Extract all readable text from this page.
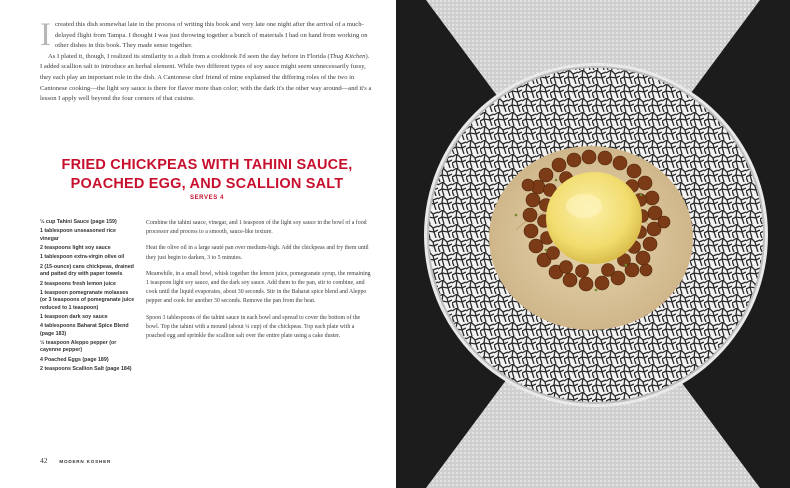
I created this dish somewhat late in the process of writing this book and very late one night after the arrival of a much-delayed flight from Tampa. I thought I was just throwing together a bunch of materials I had on hand from working on other dishes in this book. They made sense together.

As I plated it, though, I realized its similarity to a dish from a cookbook I'd seen the day before in Florida (Thug Kitchen). I added scallion salt to introduce an herbal element. While two different types of soy sauce might seem unnecessarily fussy, they each play an important role in the dish. A Cantonese chef friend of mine explained the differing roles of the two in Cantonese cooking—the light soy sauce is there for flavor more than color; with the dark it's the other way around—and it's a lesson I apply well beyond the four corners of that cuisine.

FRIED CHICKPEAS WITH TAHINI SAUCE,
POACHED EGG, AND SCALLION SALT
SERVES 4
½ cup Tahini Sauce (page 159)
1 tablespoon unseasoned rice vinegar
2 teaspoons light soy sauce
1 tablespoon extra-virgin olive oil
2 (15-ounce) cans chickpeas, drained and patted dry with paper towels
2 teaspoons fresh lemon juice
1 teaspoon pomegranate molasses (or 3 teaspoons of pomegranate juice reduced to 1 teaspoon)
1 teaspoon dark soy sauce
4 tablespoons Baharat Spice Blend (page 183)
½ teaspoon Aleppo pepper (or cayenne pepper)
4 Poached Eggs (page 189)
2 teaspoons Scallion Salt (page 184)

Combine the tahini sauce, vinegar, and 1 teaspoon of the light soy sauce in the bowl of a food processor and process to a smooth, sauce-like texture.

Heat the olive oil in a large sauté pan over medium-high. Add the chickpeas and fry them until they just begin to darken, 3 to 5 minutes.

Meanwhile, in a small bowl, whisk together the lemon juice, pomegranate syrup, the remaining 1 teaspoon light soy sauce, and the dark soy sauce. Add them to the pan, stir to combine, and cook until the liquid evaporates, about 30 seconds. Stir in the Baharat spice blend and Aleppo pepper and cook for another 30 seconds. Remove the pan from the heat.

Spoon 3 tablespoons of the tahini sauce in each bowl and spread to cover the bottom of the bowl. Top the tahini with a mound (about ¼ cup) of the chickpeas. Top each plate with a poached egg and sprinkle the scallion salt over the entire plate using a cake duster.

42	MODERN KOSHER
